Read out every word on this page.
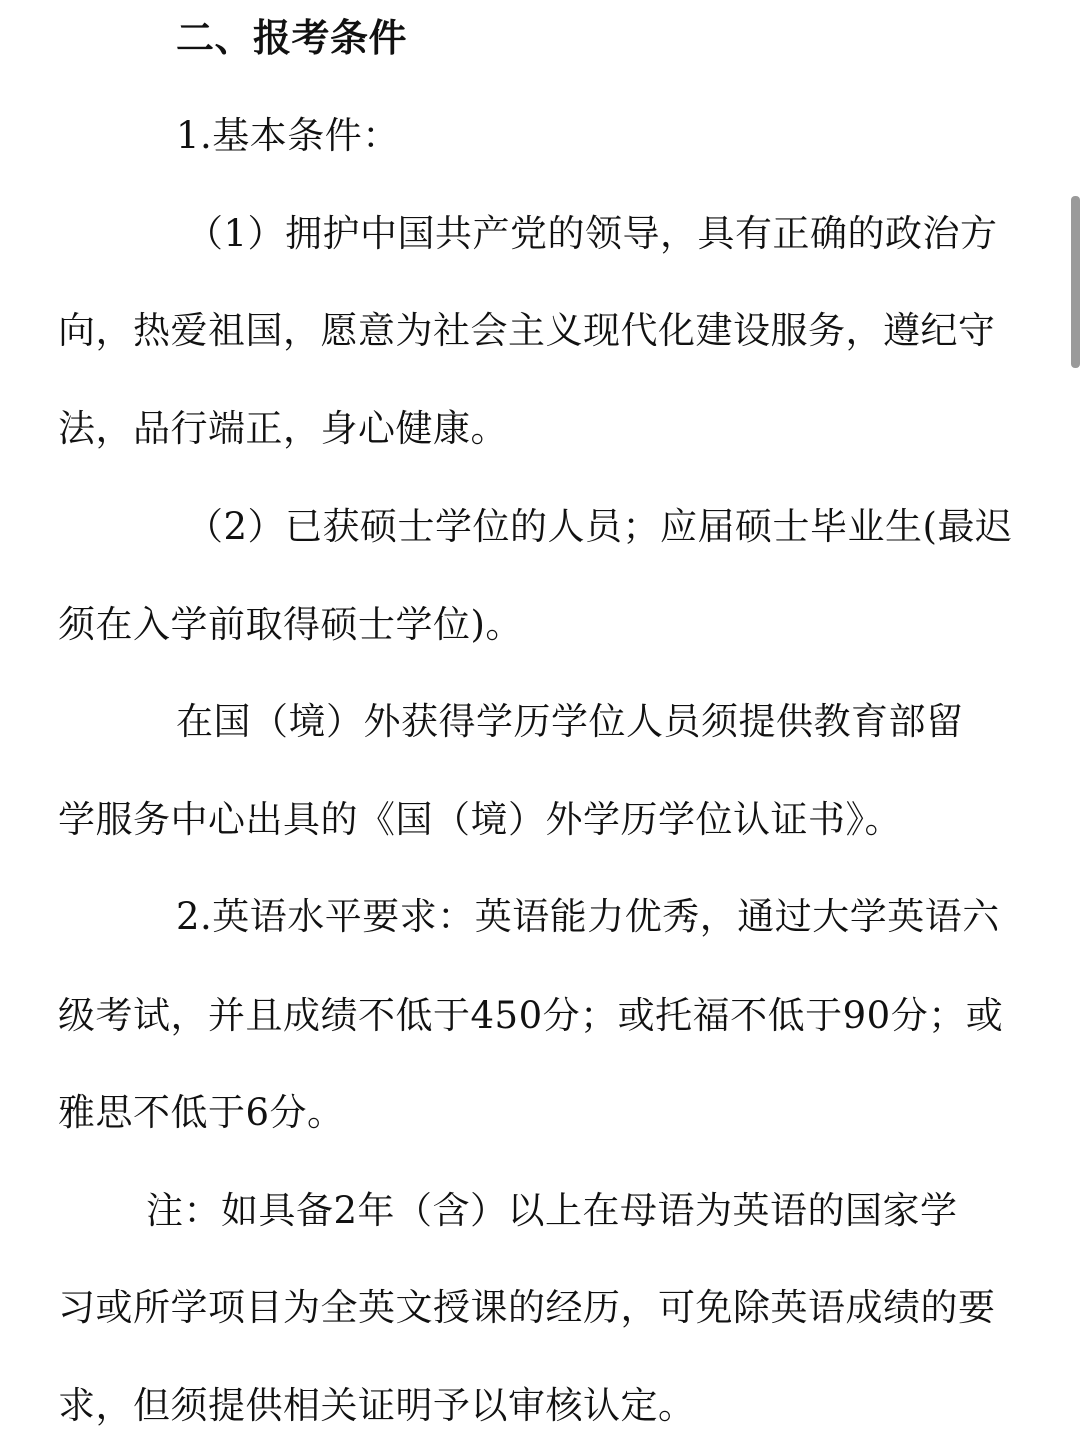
二、报考条件
1.基本条件：
（1）拥护中国共产党的领导，具有正确的政治方
向，热爱祖国，愿意为社会主义现代化建设服务，遵纪守
法，品行端正，身心健康。
（2）已获硕士学位的人员；应届硕士毕业生(最迟
须在入学前取得硕士学位)。
在国（境）外获得学历学位人员须提供教育部留
学服务中心出具的《国（境）外学历学位认证书》。
2.英语水平要求：英语能力优秀，通过大学英语六
级考试，并且成绩不低于450分；或托福不低于90分；或
雅思不低于6分。
注：如具备2年（含）以上在母语为英语的国家学
习或所学项目为全英文授课的经历，可免除英语成绩的要
求，但须提供相关证明予以审核认定。
